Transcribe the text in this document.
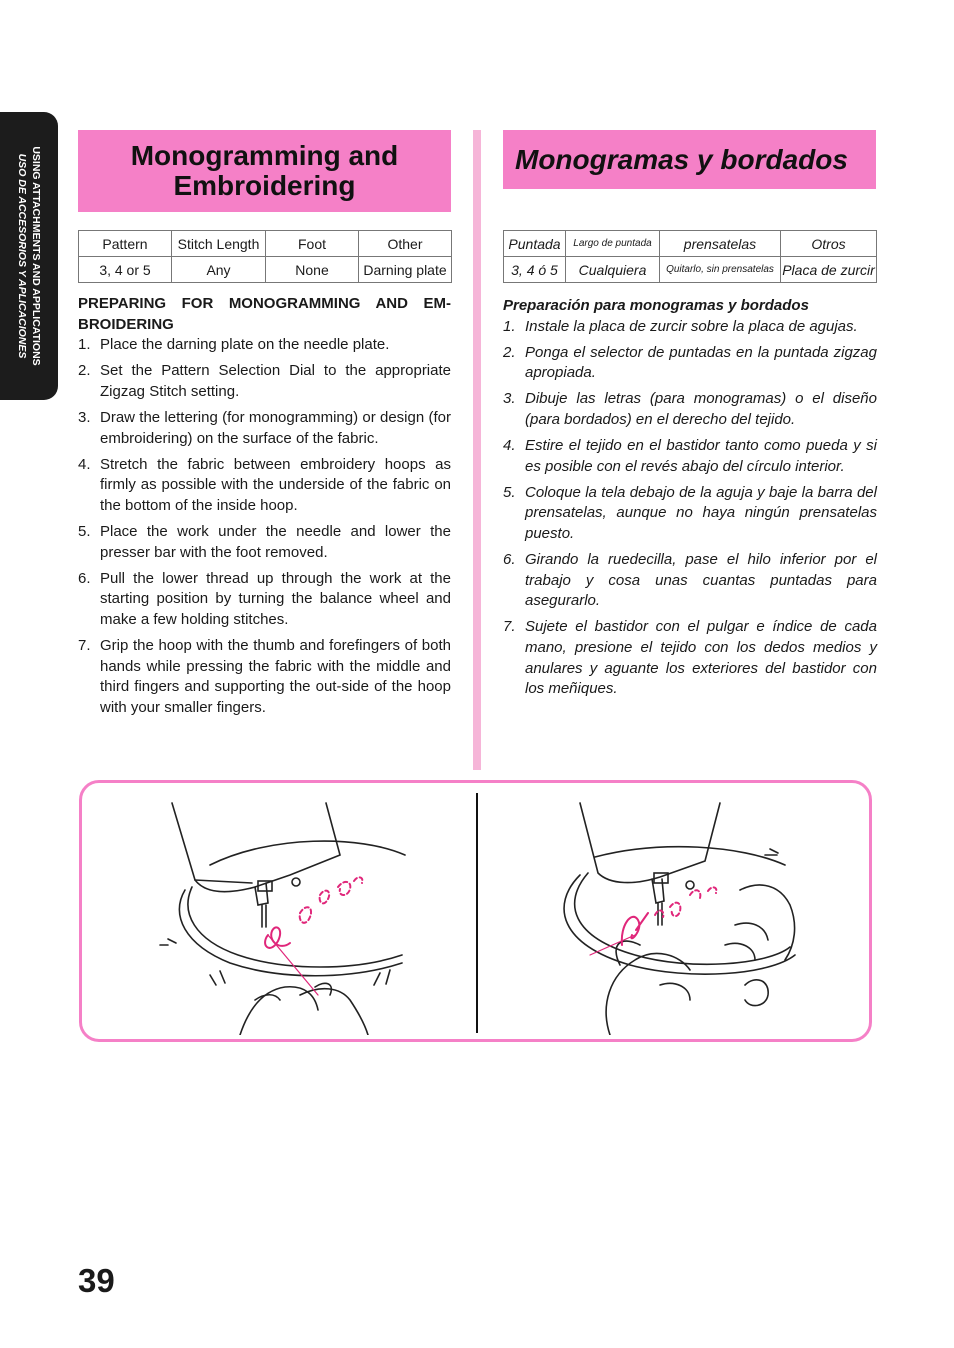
USING ATTACHMENTS AND APPLICATIONS
USO DE ACCESORIOS Y APLICACIONES	Monogramming and
Embroidering
Monogramas y bordados
Pattern	Stitch Length	Foot	Other
3, 4 or 5	Any	None	Darning plate
Puntada	Largo de puntada	prensatelas	Otros
3, 4 ó 5	Cualquiera	Quitarlo, sin prensatelas	Placa de zurcir
PREPARING FOR MONOGRAMMING AND EM-BROIDERING
1. Place the darning plate on the needle plate.
2. Set the Pattern Selection Dial to the appropriate Zigzag Stitch setting.
3. Draw the lettering (for monogramming) or design (for embroidering) on the surface of the fabric.
4. Stretch the fabric between embroidery hoops as firmly as possible with the underside of the fabric on the bottom of the inside hoop.
5. Place the work under the needle and lower the presser bar with the foot removed.
6. Pull the lower thread up through the work at the starting position by turning the balance wheel and make a few holding stitches.
7. Grip the hoop with the thumb and forefingers of both hands while pressing the fabric with the middle and third fingers and supporting the out-side of the hoop with your smaller fingers.
Preparación para monogramas y bordados
1. Instale la placa de zurcir sobre la placa de agujas.
2. Ponga el selector de puntadas en la puntada zigzag apropiada.
3. Dibuje las letras (para monogramas) o el diseño (para bordados) en el derecho del tejido.
4. Estire el tejido en el bastidor tanto como pueda y si es posible con el revés abajo del círculo interior.
5. Coloque la tela debajo de la aguja y baje la barra del prensatelas, aunque no haya ningún prensatelas puesto.
6. Girando la ruedecilla, pase el hilo inferior por el trabajo y cosa unas cuantas puntadas para asegurarlo.
7. Sujete el bastidor con el pulgar e índice de cada mano, presione el tejido con los dedos medios y anulares y aguante los exteriores del bastidor con los meñiques.
39
